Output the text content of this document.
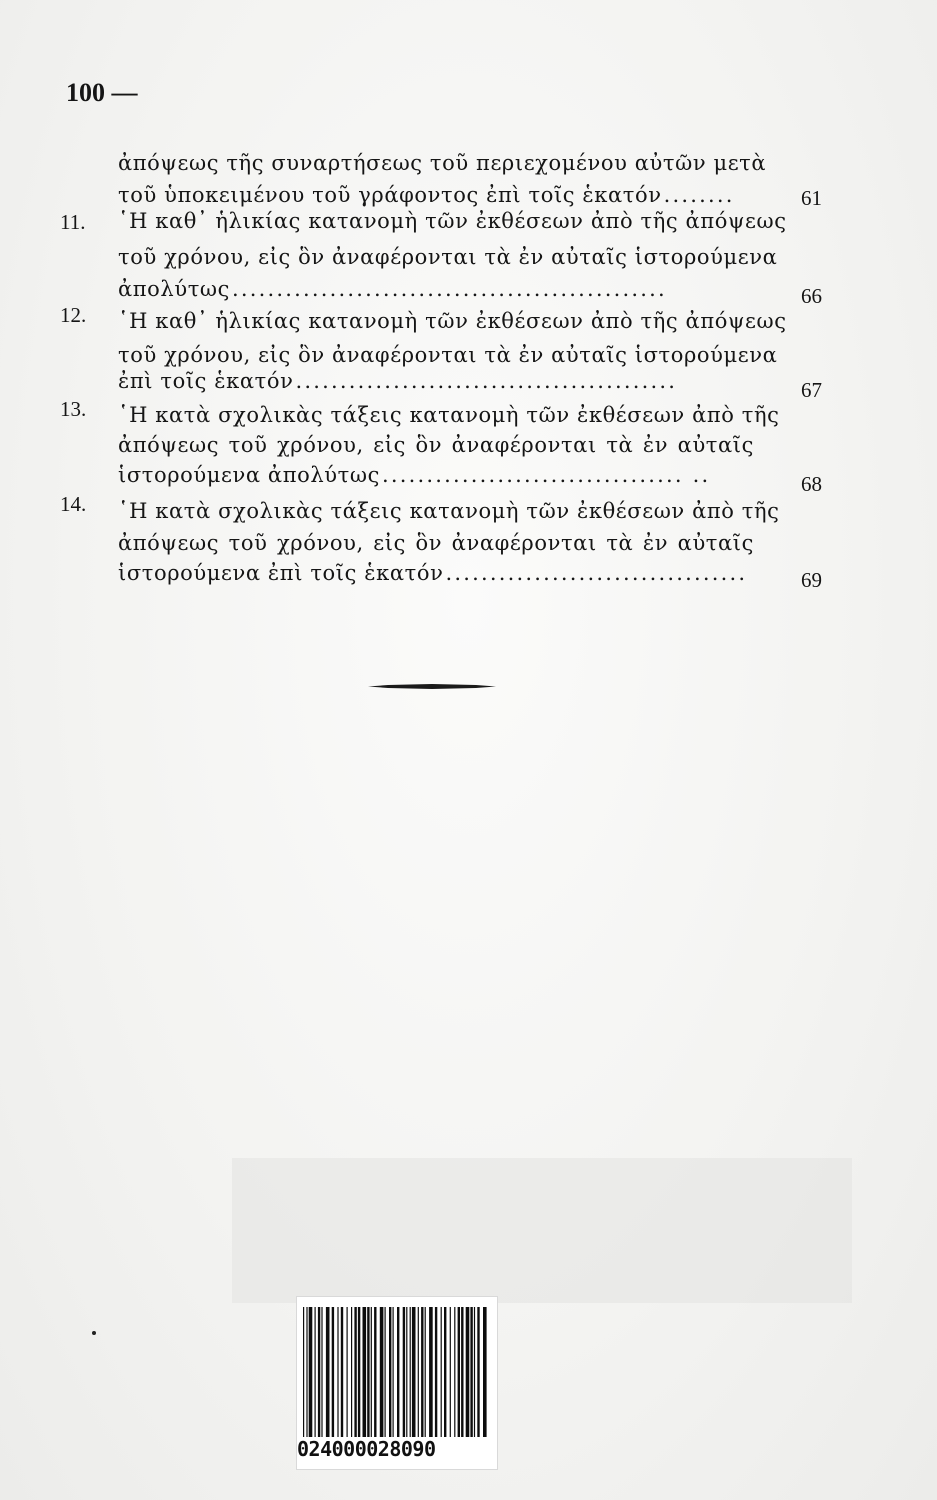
100 —
ἀπόψεως τῆς συναρτήσεως τοῦ περιεχομένου αὐτῶν μετὰ
τοῦ ὑποκειμένου τοῦ γράφοντος ἐπὶ τοῖς ἑκατόν ........	61
11. ῾Η καθ᾿ ἡλικίας κατανομὴ τῶν ἐκθέσεων ἀπὸ τῆς ἀπόψεως
τοῦ χρόνου, εἰς ὃν ἀναφέρονται τὰ ἐν αὐταῖς ἱστορούμενα
ἀπολύτως .................................................	66
12. ῾Η καθ᾿ ἡλικίας κατανομὴ τῶν ἐκθέσεων ἀπὸ τῆς ἀπόψεως
τοῦ χρόνου, εἰς ὃν ἀναφέρονται τὰ ἐν αὐταῖς ἱστορούμενα
ἐπὶ τοῖς ἑκατόν ...........................................	67
13. ῾Η κατὰ σχολικὰς τάξεις κατανομὴ τῶν ἐκθέσεων ἀπὸ τῆς
ἀπόψεως τοῦ χρόνου, εἰς ὃν ἀναφέρονται τὰ ἐν αὐταῖς
ἱστορούμενα ἀπολύτως .................................. ..	68
14. ῾Η κατὰ σχολικὰς τάξεις κατανομὴ τῶν ἐκθέσεων ἀπὸ τῆς
ἀπόψεως τοῦ χρόνου, εἰς ὃν ἀναφέρονται τὰ ἐν αὐταῖς
ἱστορούμενα ἐπὶ τοῖς ἑκατόν ..................................	69
024000028090
